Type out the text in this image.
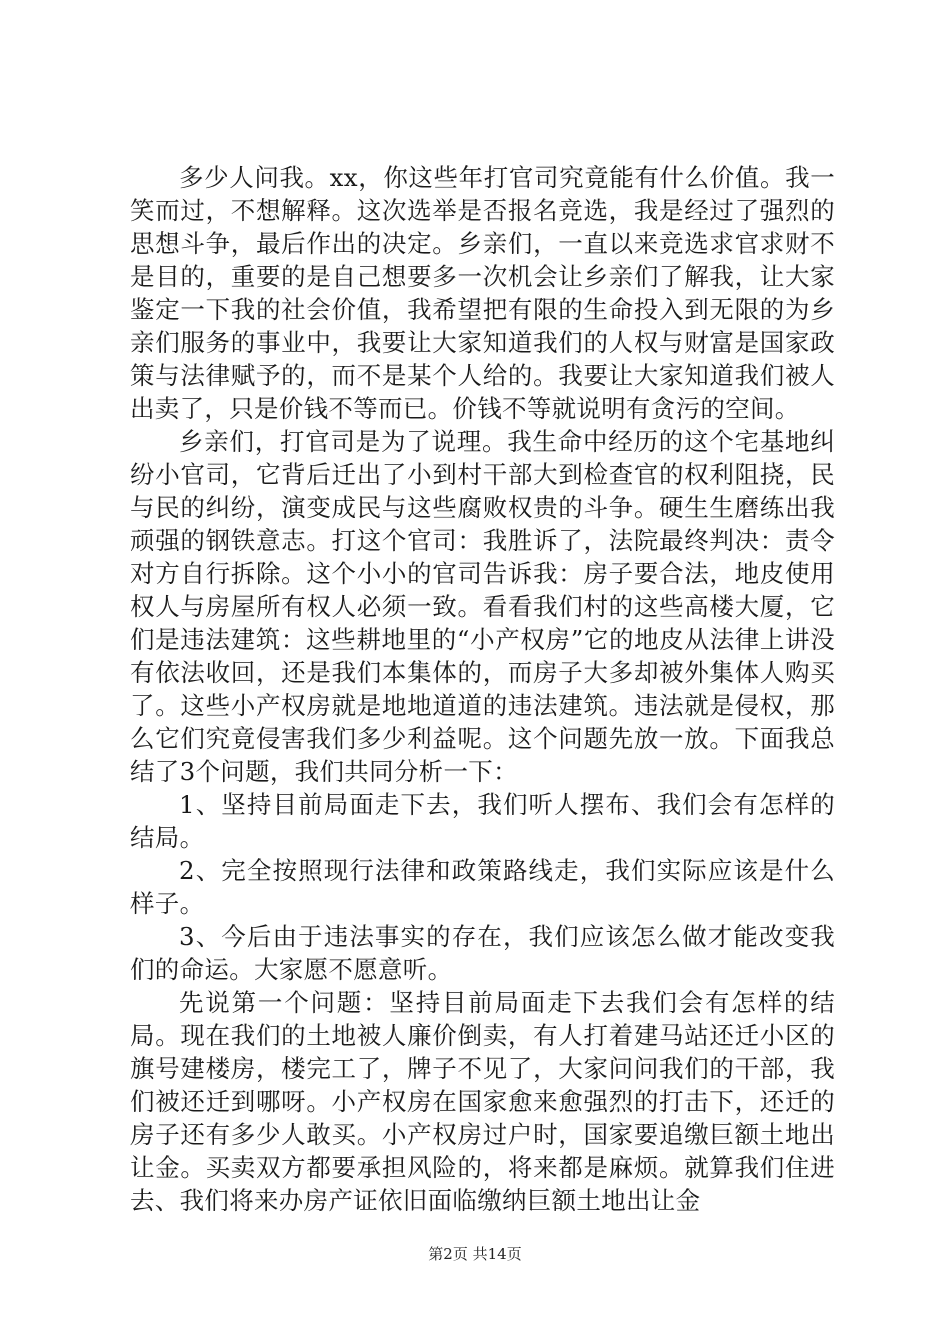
多少人问我。xx，你这些年打官司究竟能有什么价值。我一笑而过，不想解释。这次选举是否报名竞选，我是经过了强烈的思想斗争，最后作出的决定。乡亲们，一直以来竞选求官求财不是目的，重要的是自己想要多一次机会让乡亲们了解我，让大家鉴定一下我的社会价值，我希望把有限的生命投入到无限的为乡亲们服务的事业中，我要让大家知道我们的人权与财富是国家政策与法律赋予的，而不是某个人给的。我要让大家知道我们被人出卖了，只是价钱不等而已。价钱不等就说明有贪污的空间。

乡亲们，打官司是为了说理。我生命中经历的这个宅基地纠纷小官司，它背后迁出了小到村干部大到检查官的权利阻挠，民与民的纠纷，演变成民与这些腐败权贵的斗争。硬生生磨练出我顽强的钢铁意志。打这个官司：我胜诉了，法院最终判决：责令对方自行拆除。这个小小的官司告诉我：房子要合法，地皮使用权人与房屋所有权人必须一致。看看我们村的这些高楼大厦，它们是违法建筑：这些耕地里的“小产权房”它的地皮从法律上讲没有依法收回，还是我们本集体的，而房子大多却被外集体人购买了。这些小产权房就是地地道道的违法建筑。违法就是侵权，那么它们究竟侵害我们多少利益呢。这个问题先放一放。下面我总结了3个问题，我们共同分析一下：

1、坚持目前局面走下去，我们听人摆布、我们会有怎样的结局。

2、完全按照现行法律和政策路线走，我们实际应该是什么样子。

3、今后由于违法事实的存在，我们应该怎么做才能改变我们的命运。大家愿不愿意听。

先说第一个问题：坚持目前局面走下去我们会有怎样的结局。现在我们的土地被人廉价倒卖，有人打着建马站还迁小区的旗号建楼房，楼完工了，牌子不见了，大家问问我们的干部，我们被还迁到哪呀。小产权房在国家愈来愈强烈的打击下，还迁的房子还有多少人敢买。小产权房过户时，国家要追缴巨额土地出让金。买卖双方都要承担风险的，将来都是麻烦。就算我们住进去、我们将来办房产证依旧面临缴纳巨额土地出让金

第2页 共14页
